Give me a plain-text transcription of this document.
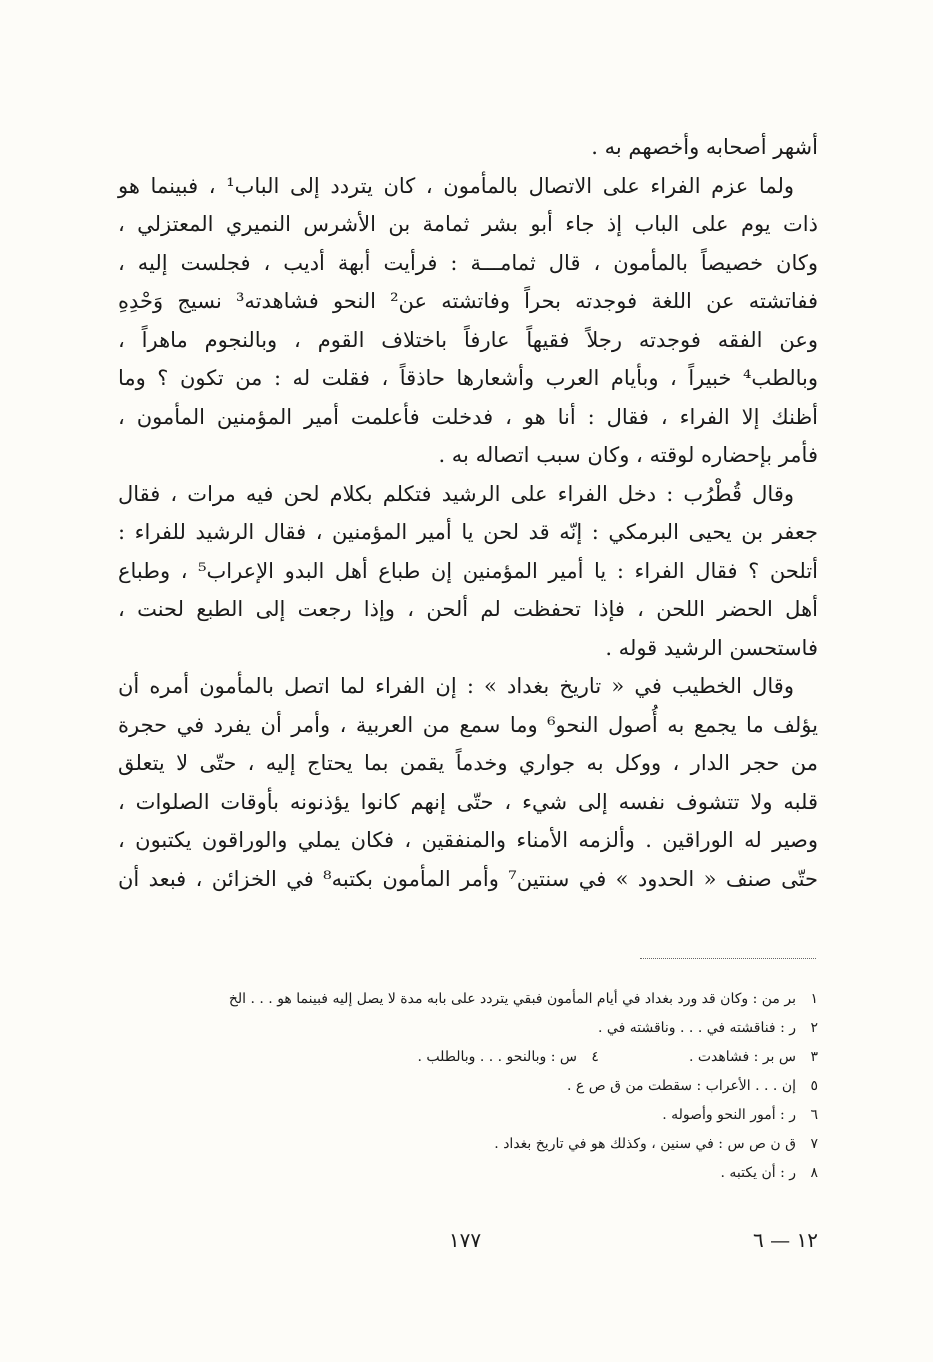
أشهر أصحابه وأخصهم به .
ولما عزم الفراء على الاتصال بالمأمون ، كان يتردد إلى الباب¹ ، فبينما هو
ذات يوم على الباب إذ جاء أبو بشر ثمامة بن الأشرس النميري المعتزلي ،
وكان خصيصاً بالمأمون ، قال ثمامـــة : فرأيت أبهة أديب ، فجلست إليه ،
ففاتشته عن اللغة فوجدته بحراً وفاتشته عن² النحو فشاهدته³ نسيج وَحْدِهِ
وعن الفقه فوجدته رجلاً فقيهاً عارفاً باختلاف القوم ، وبالنجوم ماهراً ،
وبالطب⁴ خبيراً ، وبأيام العرب وأشعارها حاذقاً ، فقلت له : من تكون ؟ وما
أظنك إلا الفراء ، فقال : أنا هو ، فدخلت فأعلمت أمير المؤمنين المأمون ،
فأمر بإحضاره لوقته ، وكان سبب اتصاله به .
وقال قُطْرُب : دخل الفراء على الرشيد فتكلم بكلام لحن فيه مرات ، فقال
جعفر بن يحيى البرمكي : إنّه قد لحن يا أمير المؤمنين ، فقال الرشيد للفراء :
أتلحن ؟ فقال الفراء : يا أمير المؤمنين إن طباع أهل البدو الإعراب⁵ ، وطباع
أهل الحضر اللحن ، فإذا تحفظت لم ألحن ، وإذا رجعت إلى الطبع لحنت ،
فاستحسن الرشيد قوله .
وقال الخطيب في « تاريخ بغداد » : إن الفراء لما اتصل بالمأمون أمره أن
يؤلف ما يجمع به أُصول النحو⁶ وما سمع من العربية ، وأمر أن يفرد في حجرة
من حجر الدار ، ووكل به جواري وخدماً يقمن بما يحتاج إليه ، حتّى لا يتعلق
قلبه ولا تتشوف نفسه إلى شيء ، حتّى إنهم كانوا يؤذنونه بأوقات الصلوات ،
وصير له الوراقين . وألزمه الأمناء والمنفقين ، فكان يملي والوراقون يكتبون ،
حتّى صنف « الحدود » في سنتين⁷ وأمر المأمون بكتبه⁸ في الخزائن ، فبعد أن
١بر من : وكان قد ورد بغداد في أيام المأمون فبقي يتردد على بابه مدة لا يصل إليه فبينما هو . . . الخ
٢ر : فناقشته في . . . وناقشته في .
٣س بر : فشاهدت .٤س : وبالنحو . . . وبالطلب .
٥إن . . . الأعراب : سقطت من ق ص ع .
٦ر : أمور النحو وأصوله .
٧ق ن ص س : في سنين ، وكذلك هو في تاريخ بغداد .
٨ر : أن يكتبه .
١٧٧	١٢ — ٦
